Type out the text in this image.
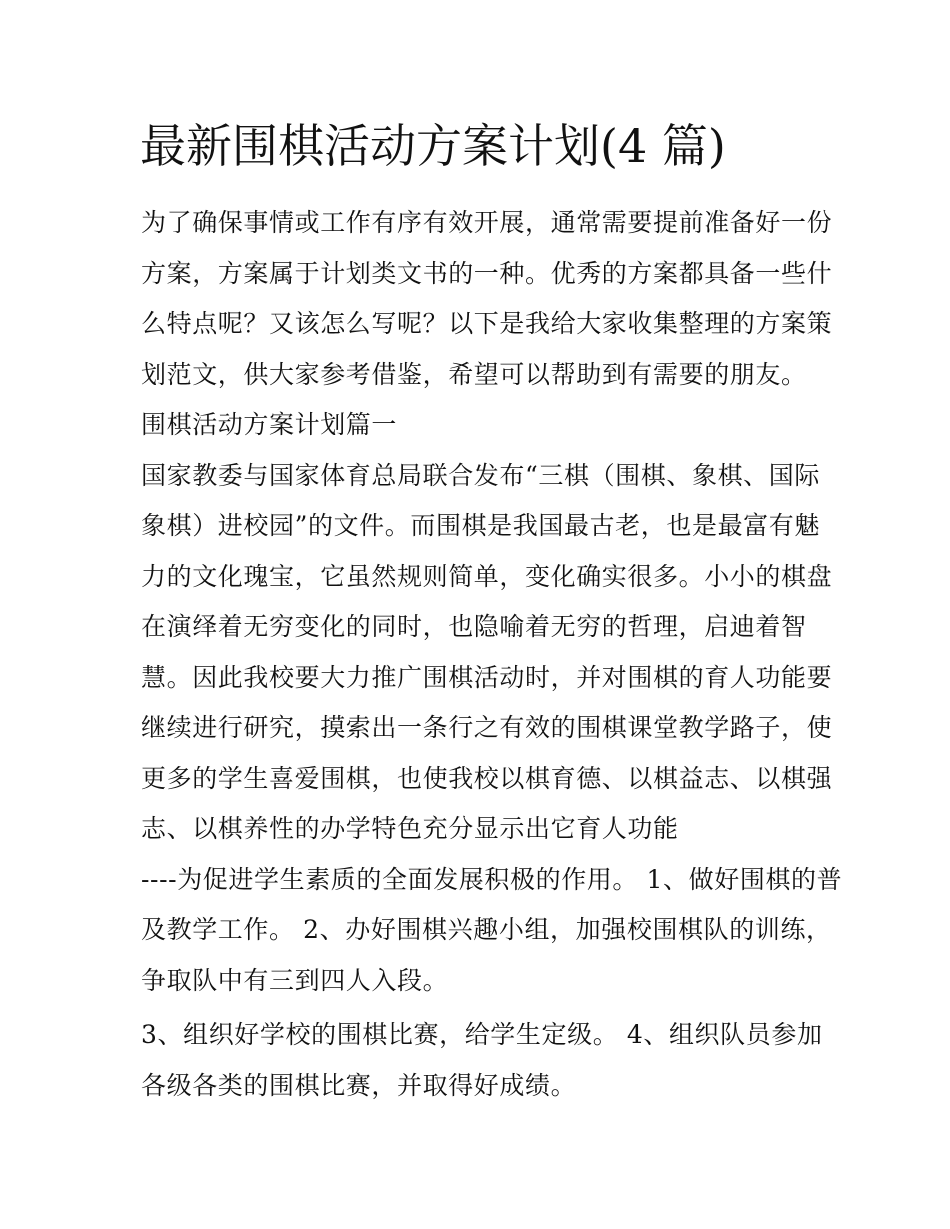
最新围棋活动方案计划(4 篇)
为了确保事情或工作有序有效开展，通常需要提前准备好一份
方案，方案属于计划类文书的一种。优秀的方案都具备一些什
么特点呢？又该怎么写呢？以下是我给大家收集整理的方案策
划范文，供大家参考借鉴，希望可以帮助到有需要的朋友。
围棋活动方案计划篇一
国家教委与国家体育总局联合发布“三棋（围棋、象棋、国际
象棋）进校园”的文件。而围棋是我国最古老，也是最富有魅
力的文化瑰宝，它虽然规则简单，变化确实很多。小小的棋盘
在演绎着无穷变化的同时，也隐喻着无穷的哲理，启迪着智
慧。因此我校要大力推广围棋活动时，并对围棋的育人功能要
继续进行研究，摸索出一条行之有效的围棋课堂教学路子，使
更多的学生喜爱围棋，也使我校以棋育德、以棋益志、以棋强
志、以棋养性的办学特色充分显示出它育人功能
----为促进学生素质的全面发展积极的作用。 1、做好围棋的普
及教学工作。 2、办好围棋兴趣小组，加强校围棋队的训练，
争取队中有三到四人入段。
3、组织好学校的围棋比赛，给学生定级。 4、组织队员参加
各级各类的围棋比赛，并取得好成绩。
